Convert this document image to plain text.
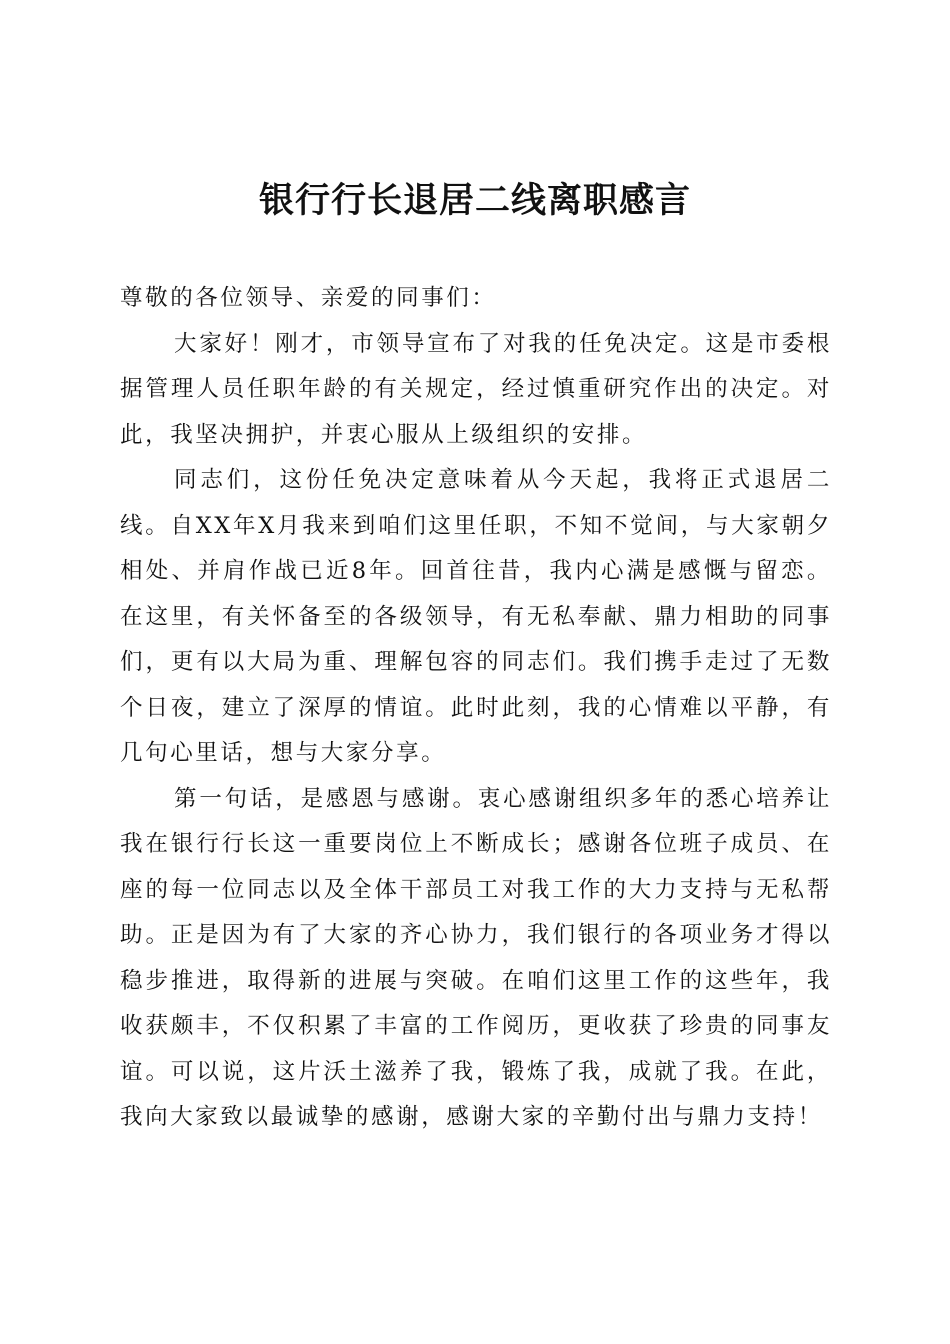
银行行长退居二线离职感言

尊敬的各位领导、亲爱的同事们：

大家好！刚才，市领导宣布了对我的任免决定。这是市委根据管理人员任职年龄的有关规定，经过慎重研究作出的决定。对此，我坚决拥护，并衷心服从上级组织的安排。

同志们，这份任免决定意味着从今天起，我将正式退居二线。自XX年X月我来到咱们这里任职，不知不觉间，与大家朝夕相处、并肩作战已近8年。回首往昔，我内心满是感慨与留恋。在这里，有关怀备至的各级领导，有无私奉献、鼎力相助的同事们，更有以大局为重、理解包容的同志们。我们携手走过了无数个日夜，建立了深厚的情谊。此时此刻，我的心情难以平静，有几句心里话，想与大家分享。

第一句话，是感恩与感谢。衷心感谢组织多年的悉心培养让我在银行行长这一重要岗位上不断成长；感谢各位班子成员、在座的每一位同志以及全体干部员工对我工作的大力支持与无私帮助。正是因为有了大家的齐心协力，我们银行的各项业务才得以稳步推进，取得新的进展与突破。在咱们这里工作的这些年，我收获颇丰，不仅积累了丰富的工作阅历，更收获了珍贵的同事友谊。可以说，这片沃土滋养了我，锻炼了我，成就了我。在此，我向大家致以最诚挚的感谢，感谢大家的辛勤付出与鼎力支持！
